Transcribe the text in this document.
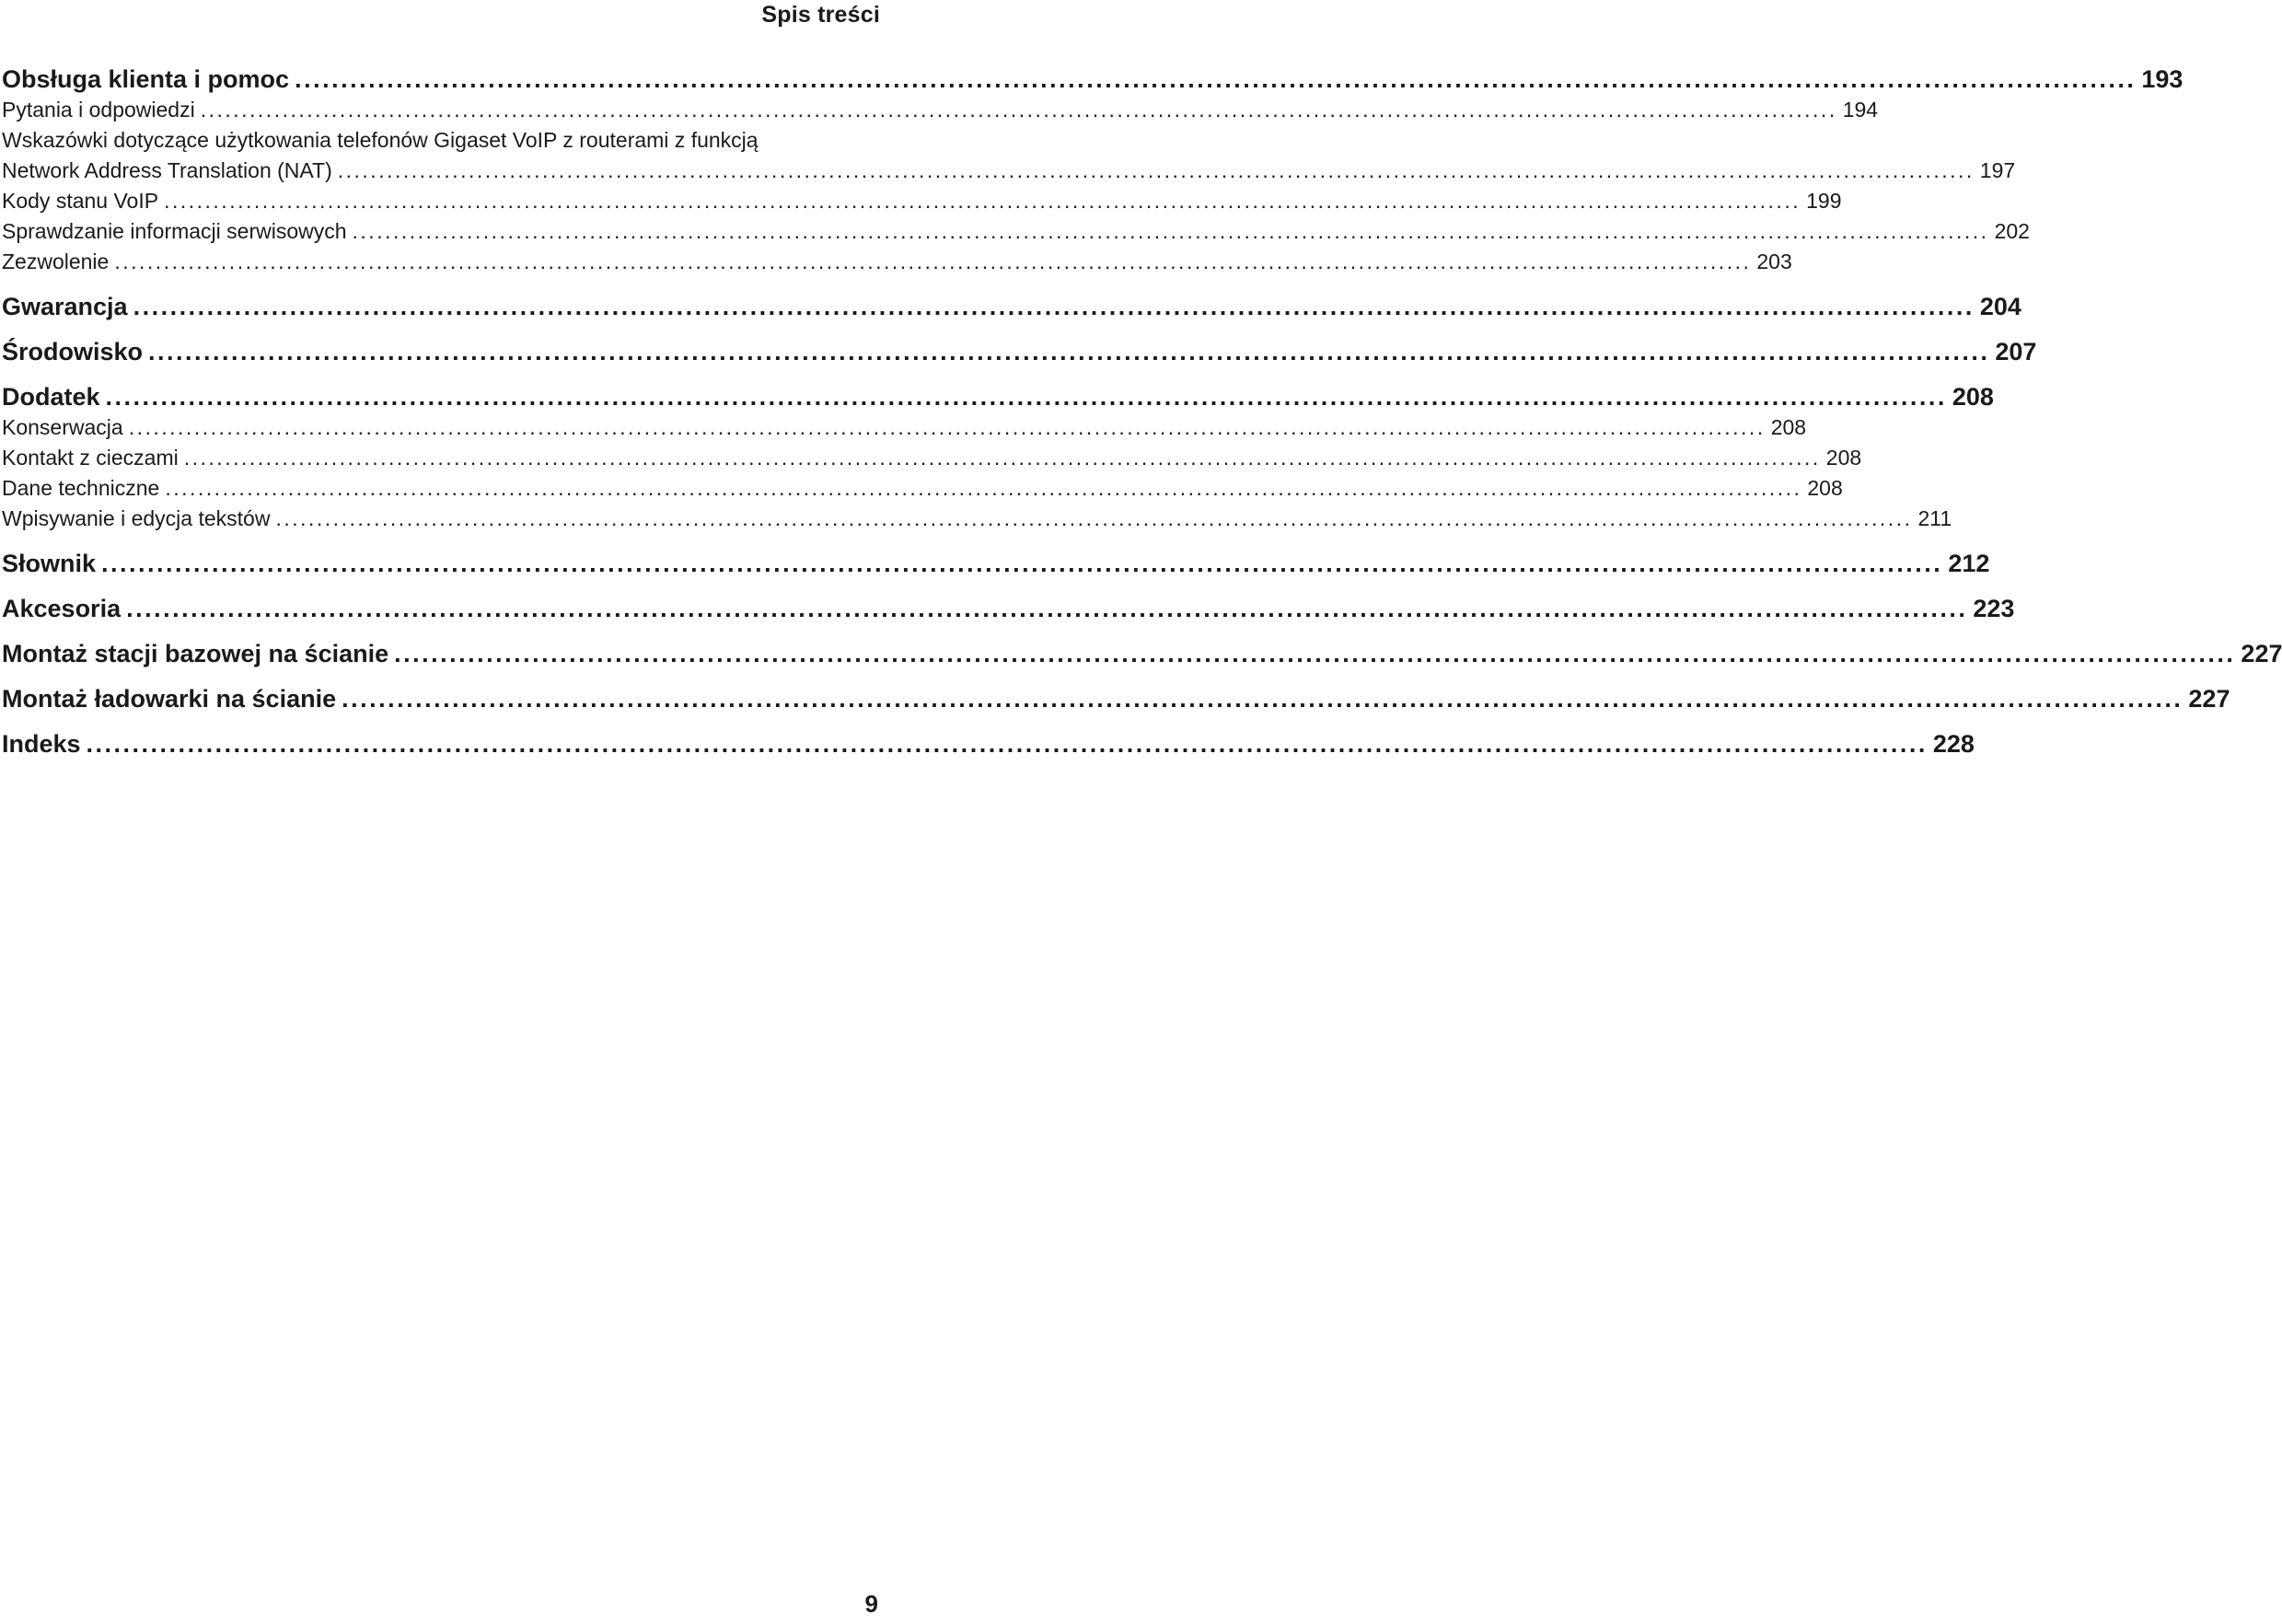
Spis treści
Obsługa klienta i pomoc ........................................................................................................................................................................................................ 193
Pytania i odpowiedzi ........................................................................................................................................................................................................ 194
Wskazówki dotyczące użytkowania telefonów Gigaset VoIP z routerami z funkcją
Network Address Translation (NAT) ........................................................................................................................................................................................................ 197
Kody stanu VoIP ........................................................................................................................................................................................................ 199
Sprawdzanie informacji serwisowych ........................................................................................................................................................................................................ 202
Zezwolenie ........................................................................................................................................................................................................ 203
Gwarancja ........................................................................................................................................................................................................ 204
Środowisko ........................................................................................................................................................................................................ 207
Dodatek ........................................................................................................................................................................................................ 208
Konserwacja ........................................................................................................................................................................................................ 208
Kontakt z cieczami ........................................................................................................................................................................................................ 208
Dane techniczne ........................................................................................................................................................................................................ 208
Wpisywanie i edycja tekstów ........................................................................................................................................................................................................ 211
Słownik ........................................................................................................................................................................................................ 212
Akcesoria ........................................................................................................................................................................................................ 223
Montaż stacji bazowej na ścianie ........................................................................................................................................................................................................ 227
Montaż ładowarki na ścianie ........................................................................................................................................................................................................ 227
Indeks ........................................................................................................................................................................................................ 228
9
